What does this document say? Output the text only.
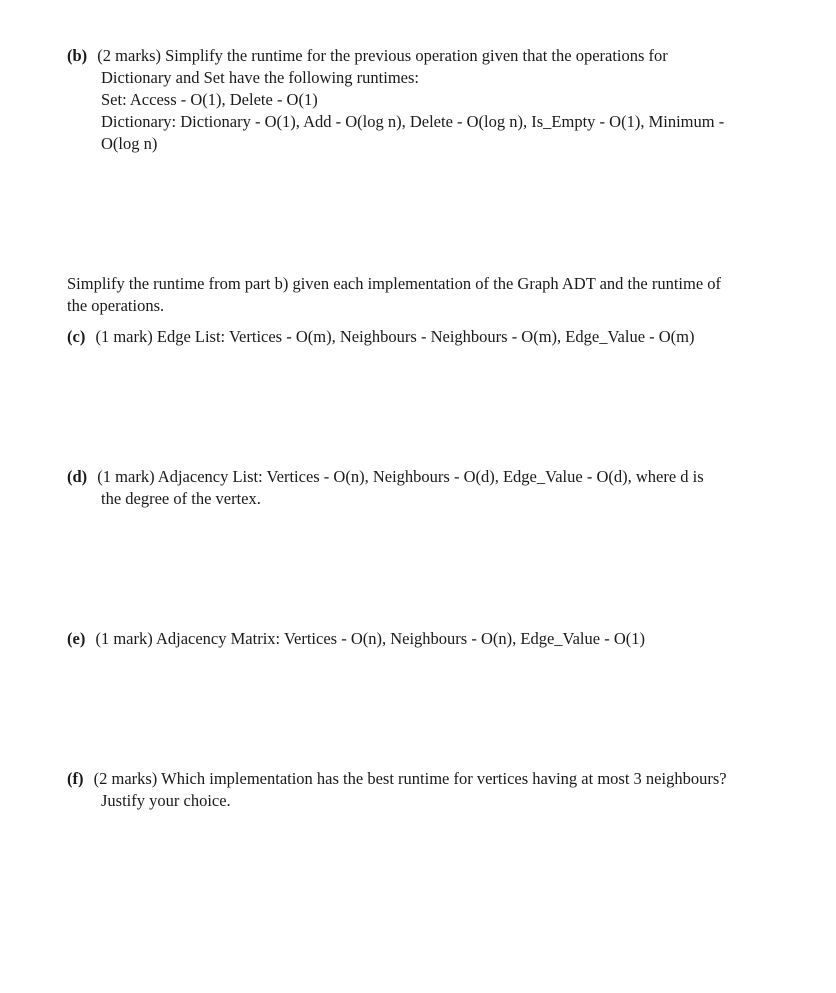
(b) (2 marks) Simplify the runtime for the previous operation given that the operations for
Dictionary and Set have the following runtimes:
Set: Access - O(1), Delete - O(1)
Dictionary: Dictionary - O(1), Add - O(log n), Delete - O(log n), Is_Empty - O(1), Minimum -
O(log n)
Simplify the runtime from part b) given each implementation of the Graph ADT and the runtime of
the operations.
(c) (1 mark) Edge List: Vertices - O(m), Neighbours - Neighbours - O(m), Edge_Value - O(m)
(d) (1 mark) Adjacency List: Vertices - O(n), Neighbours - O(d), Edge_Value - O(d), where d is
the degree of the vertex.
(e) (1 mark) Adjacency Matrix: Vertices - O(n), Neighbours - O(n), Edge_Value - O(1)
(f) (2 marks) Which implementation has the best runtime for vertices having at most 3 neighbours?
Justify your choice.
